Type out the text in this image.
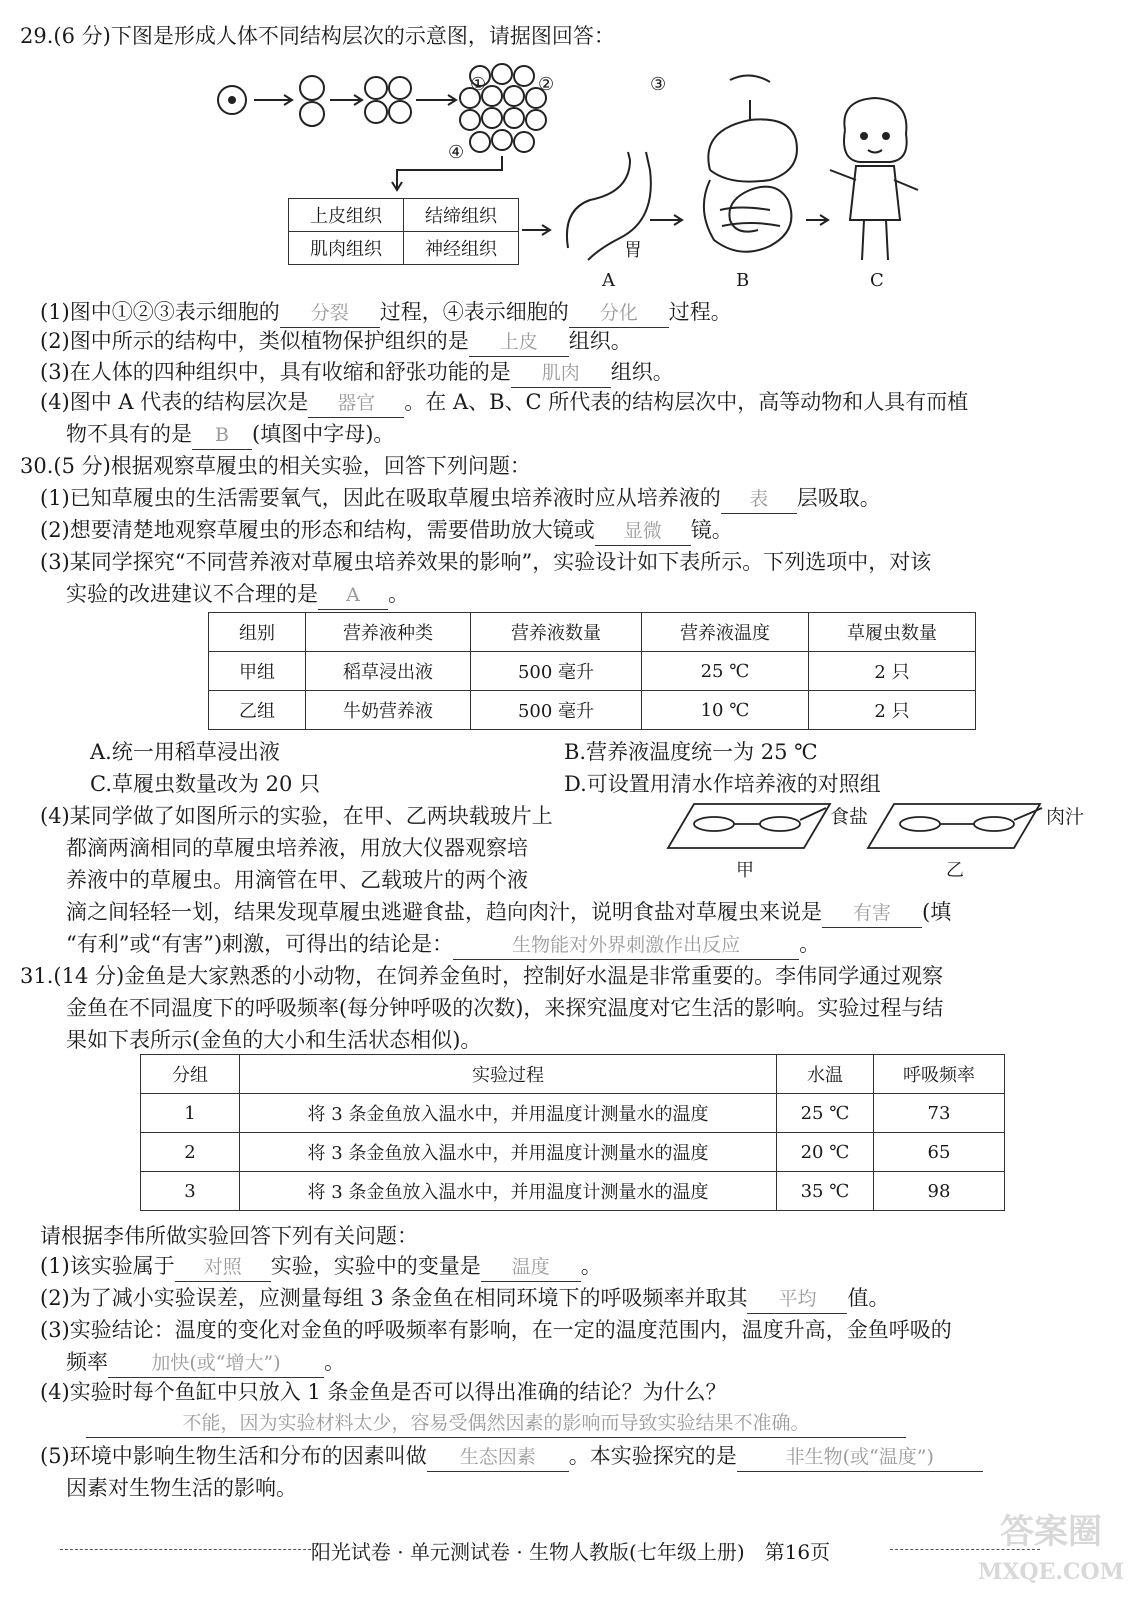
29.(6 分)下图是形成人体不同结构层次的示意图，请据图回答：
①	②	③
④
上皮组织	结缔组织
肌肉组织	神经组织	胃
A	B	C
(1)图中①②③表示细胞的 分裂 过程，④表示细胞的 分化 过程。
(2)图中所示的结构中，类似植物保护组织的是 上皮 组织。
(3)在人体的四种组织中，具有收缩和舒张功能的是 肌肉 组织。
(4)图中 A 代表的结构层次是 器官 。在 A、B、C 所代表的结构层次中，高等动物和人具有而植
物不具有的是 B (填图中字母)。
30.(5 分)根据观察草履虫的相关实验，回答下列问题：
(1)已知草履虫的生活需要氧气，因此在吸取草履虫培养液时应从培养液的 表 层吸取。
(2)想要清楚地观察草履虫的形态和结构，需要借助放大镜或 显微 镜。
(3)某同学探究“不同营养液对草履虫培养效果的影响”，实验设计如下表所示。下列选项中，对该
实验的改进建议不合理的是 A 。
组别	营养液种类	营养液数量	营养液温度	草履虫数量
甲组	稻草浸出液	500 毫升	25 ℃	2 只
乙组	牛奶营养液	500 毫升	10 ℃	2 只
A.统一用稻草浸出液	B.营养液温度统一为 25 ℃
C.草履虫数量改为 20 只	D.可设置用清水作培养液的对照组
(4)某同学做了如图所示的实验，在甲、乙两块载玻片上
都滴两滴相同的草履虫培养液，用放大仪器观察培
养液中的草履虫。用滴管在甲、乙载玻片的两个液
食盐	肉汁
甲	乙
滴之间轻轻一划，结果发现草履虫逃避食盐，趋向肉汁，说明食盐对草履虫来说是 有害 (填
“有利”或“有害”)刺激，可得出的结论是：	生物能对外界刺激作出反应	。
31.(14 分)金鱼是大家熟悉的小动物，在饲养金鱼时，控制好水温是非常重要的。李伟同学通过观察
金鱼在不同温度下的呼吸频率(每分钟呼吸的次数)，来探究温度对它生活的影响。实验过程与结
果如下表所示(金鱼的大小和生活状态相似)。
分组	实验过程	水温	呼吸频率
1	将 3 条金鱼放入温水中，并用温度计测量水的温度	25 ℃	73
2	将 3 条金鱼放入温水中，并用温度计测量水的温度	20 ℃	65
3	将 3 条金鱼放入温水中，并用温度计测量水的温度	35 ℃	98
请根据李伟所做实验回答下列有关问题：
(1)该实验属于 对照 实验，实验中的变量是 温度 。
(2)为了减小实验误差，应测量每组 3 条金鱼在相同环境下的呼吸频率并取其 平均 值。
(3)实验结论：温度的变化对金鱼的呼吸频率有影响，在一定的温度范围内，温度升高，金鱼呼吸的
频率 加快(或“增大”) 。
(4)实验时每个鱼缸中只放入 1 条金鱼是否可以得出准确的结论？为什么？
不能，因为实验材料太少，容易受偶然因素的影响而导致实验结果不准确。
(5)环境中影响生物生活和分布的因素叫做 生态因素 。本实验探究的是	非生物(或“温度”)
因素对生物生活的影响。
阳光试卷 · 单元测试卷 · 生物人教版(七年级上册)　第16页	答案圈
MXQE.COM
